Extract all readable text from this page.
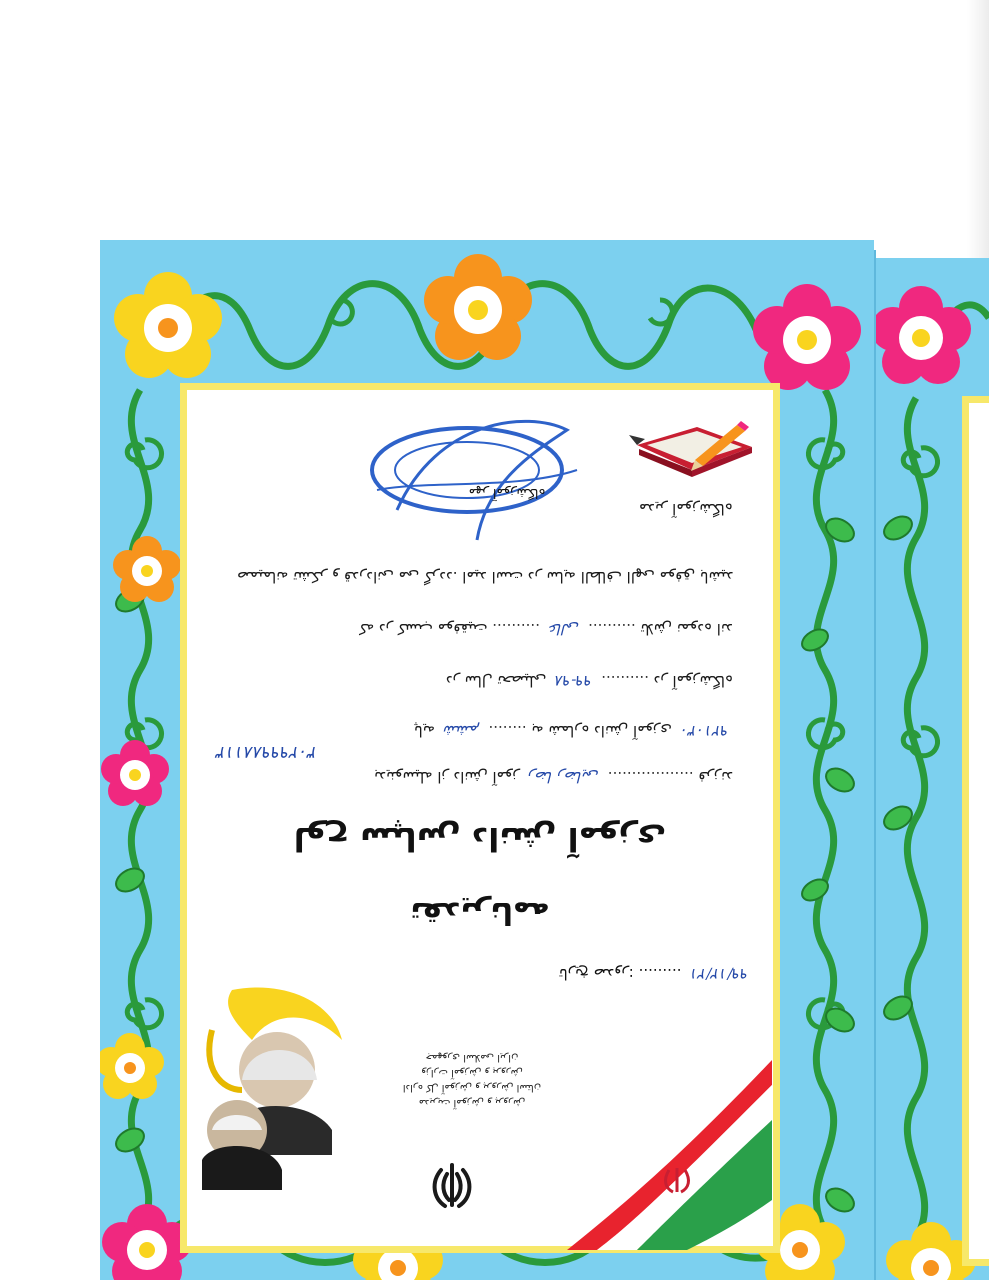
مهر آموزشگاه
مدیر آموزشگاه
صمیمانه تشکر و قدردانی می گردد. امید است در سایه الطاف الهی موفق باشید
که در کسب موفقیت .......... عالی .......... تلاش نموده اند
در سال تحصیلی ۹۸-۹۹ .......... در آموزشگاه
پایه ششم ........ به شماره دانش آموزی ۹۲۱۰۳۰
۳۰۲۹۹۹۸۸۱۱۳
بدینوسیله از دانش آموز رضا رضایی .................. فرزند
لوح سپاس دانش آموزی
تقدیرنامه
تاریخ صدور: ......... ۹۹/۱۲/۲۱
مدیریت آموزش و پرورش
اداره کل آموزش و پرورش استان
وزارت آموزش و پرورش
جمهوری اسلامی ایران
